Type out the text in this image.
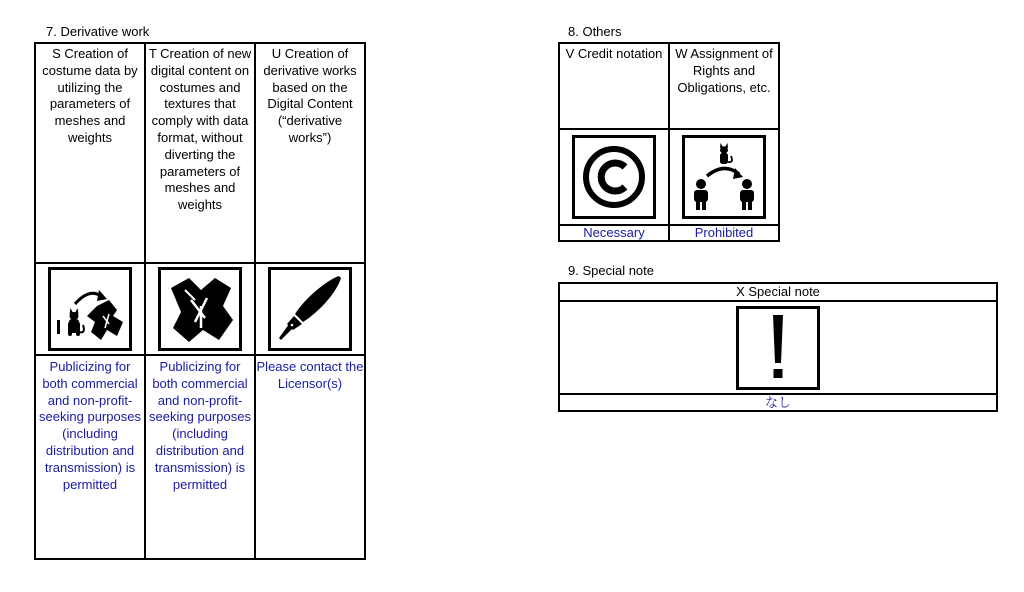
7. Derivative work
S Creation of costume data by utilizing the parameters of meshes and weights	T Creation of new digital content on costumes and textures that comply with data format, without diverting the parameters of meshes and weights	U Creation of derivative works based on the Digital Content (“derivative works”)

Publicizing for both commercial and non-profit-seeking purposes (including distribution and transmission) is permitted	Publicizing for both commercial and non-profit-seeking purposes (including distribution and transmission) is permitted	Please contact the Licensor(s)
8. Others
V Credit notation	W Assignment of Rights and Obligations, etc.

Necessary	Prohibited
9. Special note
X Special note

なし
